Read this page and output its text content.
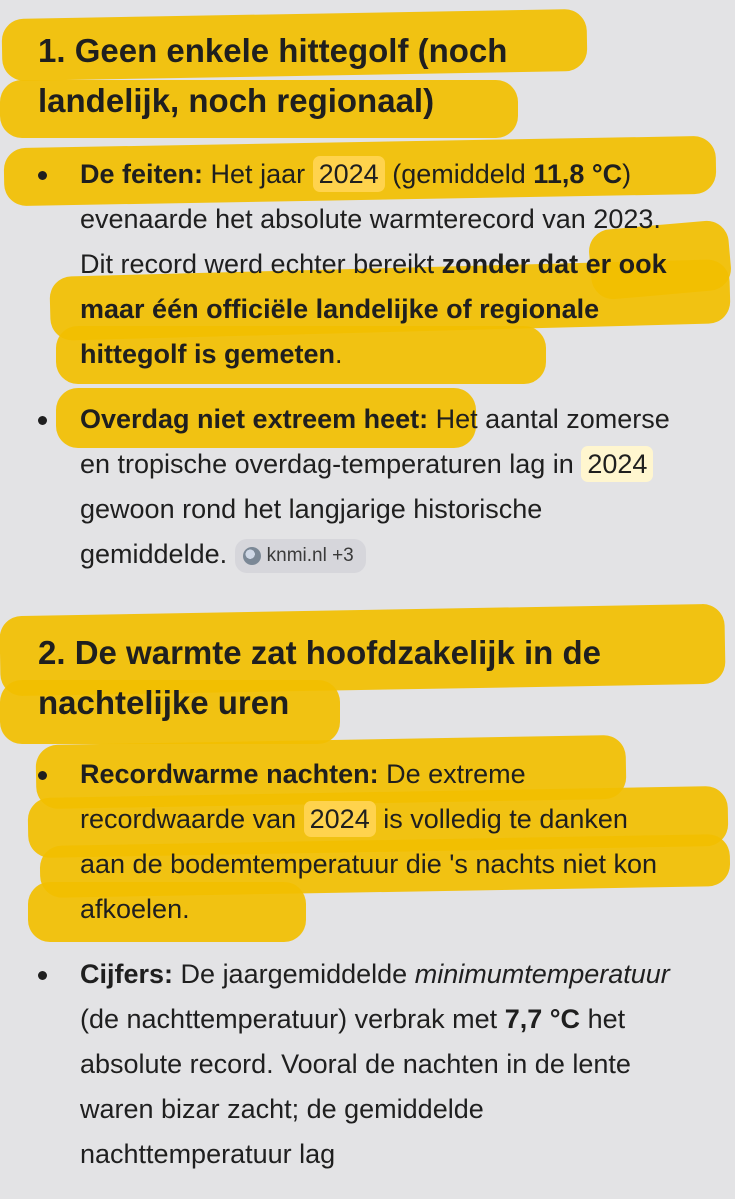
1. Geen enkele hittegolf (noch landelijk, noch regionaal)
De feiten: Het jaar 2024 (gemiddeld 11,8 °C) evenaarde het absolute warmterecord van 2023. Dit record werd echter bereikt zonder dat er ook maar één officiële landelijke of regionale hittegolf is gemeten.
Overdag niet extreem heet: Het aantal zomerse en tropische overdag-temperaturen lag in 2024 gewoon rond het langjarige historische gemiddelde. knmi.nl +3
2. De warmte zat hoofdzakelijk in de nachtelijke uren
Recordwarme nachten: De extreme recordwaarde van 2024 is volledig te danken aan de bodemtemperatuur die 's nachts niet kon afkoelen.
Cijfers: De jaargemiddelde minimumtemperatuur (de nachttemperatuur) verbrak met 7,7 °C het absolute record. Vooral de nachten in de lente waren bizar zacht; de gemiddelde nachttemperatuur lag
